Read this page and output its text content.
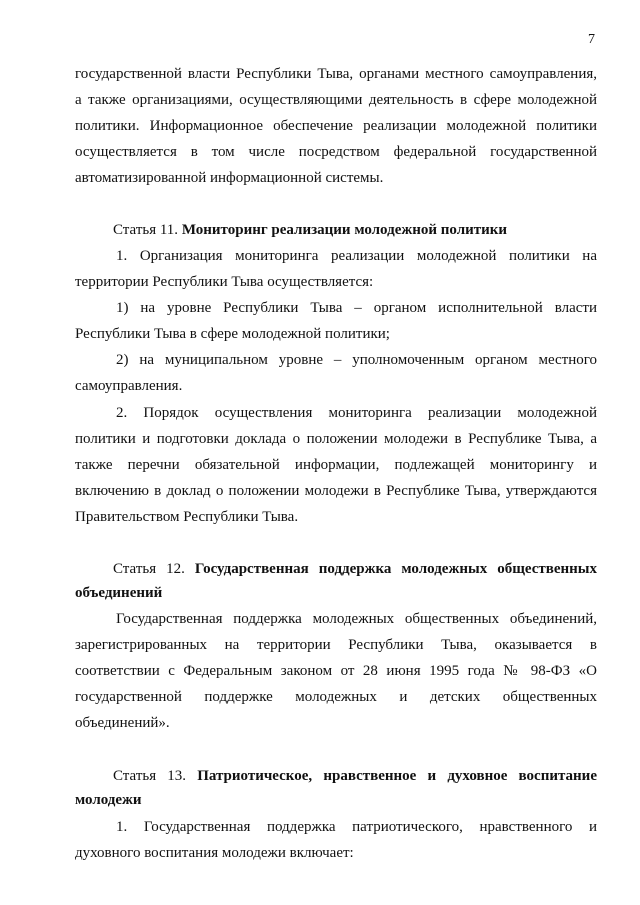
7
государственной власти Республики Тыва, органами местного самоуправления,
а также организациями, осуществляющими деятельность в сфере молодежной
политики. Информационное обеспечение реализации молодежной политики
осуществляется в том числе посредством федеральной государственной
автоматизированной информационной системы.
Статья 11. Мониторинг реализации молодежной политики
1. Организация мониторинга реализации молодежной политики на
территории Республики Тыва осуществляется:
1) на уровне Республики Тыва – органом исполнительной власти
Республики Тыва в сфере молодежной политики;
2) на муниципальном уровне – уполномоченным органом местного
самоуправления.
2. Порядок осуществления мониторинга реализации молодежной
политики и подготовки доклада о положении молодежи в Республике Тыва, а
также перечни обязательной информации, подлежащей мониторингу и
включению в доклад о положении молодежи в Республике Тыва, утверждаются
Правительством Республики Тыва.
Статья 12. Государственная поддержка молодежных общественных
объединений
Государственная поддержка молодежных общественных объединений,
зарегистрированных на территории Республики Тыва, оказывается в
соответствии с Федеральным законом от 28 июня 1995 года № 98-ФЗ «О
государственной поддержке молодежных и детских общественных
объединений».
Статья 13. Патриотическое, нравственное и духовное воспитание
молодежи
1. Государственная поддержка патриотического, нравственного и
духовного воспитания молодежи включает:
